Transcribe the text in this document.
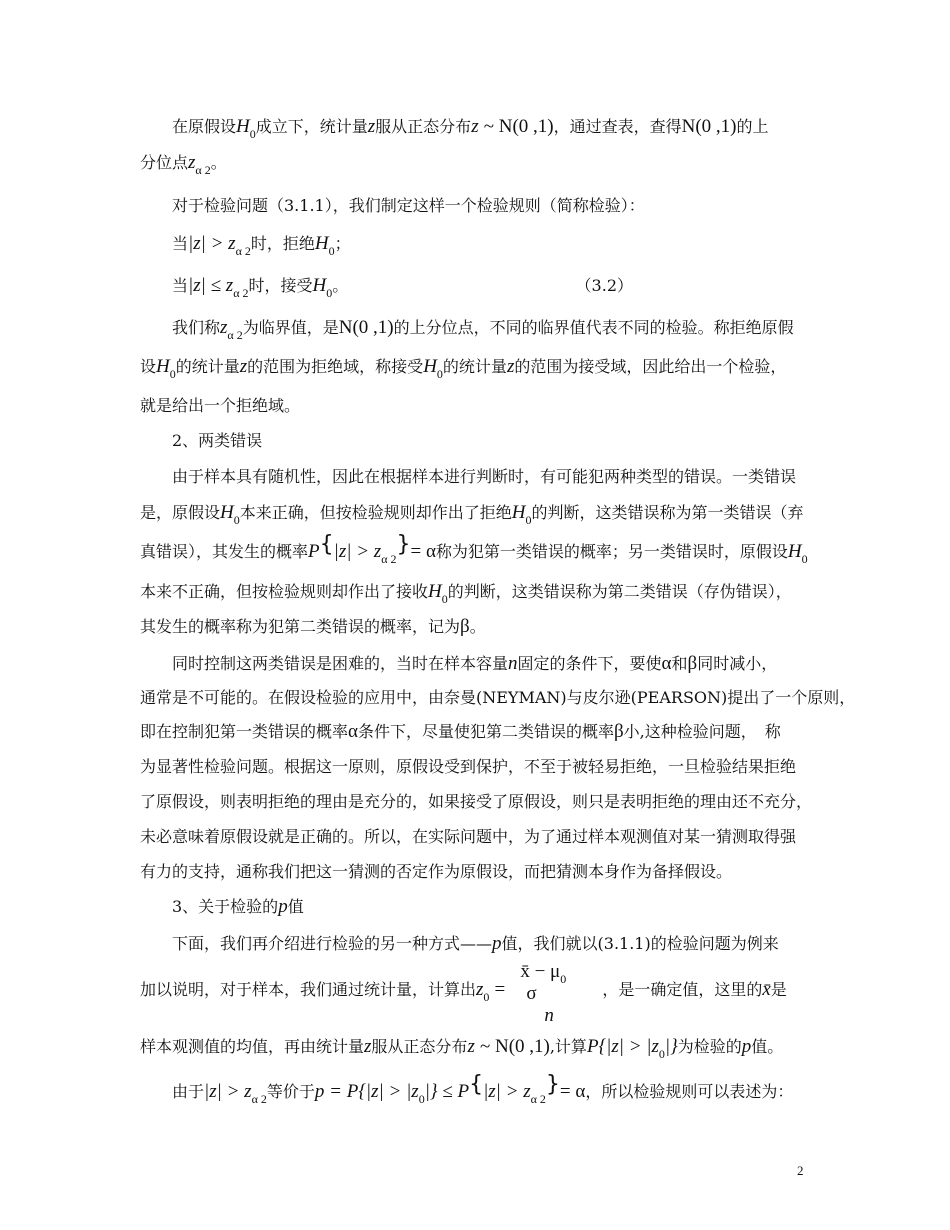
在原假设$H_0$成立下，统计量z服从正态分布z ~ N(0 ,1)，通过查表，查得N(0 ,1)的上
分位点$z_{\alpha 2}$。
对于检验问题（3.1.1），我们制定这样一个检验规则（简称检验）：
当$|z| > z_{\alpha 2}$时，拒绝$H_0$；
当$|z| \le z_{\alpha 2}$时，接受$H_0$。	（3.2）
我们称$z_{\alpha 2}$为临界值，是N(0 ,1)的上分位点，不同的临界值代表不同的检验。称拒绝原假
设$H_0$的统计量z的范围为拒绝域，称接受$H_0$的统计量z的范围为接受域，因此给出一个检验，
就是给出一个拒绝域。
2、两类错误
由于样本具有随机性，因此在根据样本进行判断时，有可能犯两种类型的错误。一类错误
是，原假设$H_0$本来正确，但按检验规则却作出了拒绝$H_0$的判断，这类错误称为第一类错误（弃
真错误），其发生的概率$P\{|z| > z_{\alpha 2}\}= \alpha$称为犯第一类错误的概率；另一类错误时，原假设$H_0$
本来不正确，但按检验规则却作出了接收$H_0$的判断，这类错误称为第二类错误（存伪错误），
其发生的概率称为犯第二类错误的概率，记为β。
同时控制这两类错误是困难的，当时在样本容量n固定的条件下，要使α和β同时减小，
通常是不可能的。在假设检验的应用中，由奈曼(NEYMAN)与皮尔逊(PEARSON)提出了一个原则，
即在控制犯第一类错误的概率α条件下，尽量使犯第二类错误的概率β小,这种检验问题，　称
为显著性检验问题。根据这一原则，原假设受到保护，不至于被轻易拒绝，一旦检验结果拒绝
了原假设，则表明拒绝的理由是充分的，如果接受了原假设，则只是表明拒绝的理由还不充分，
未必意味着原假设就是正确的。所以，在实际问题中，为了通过样本观测值对某一猜测取得强
有力的支持，通称我们把这一猜测的否定作为原假设，而把猜测本身作为备择假设。
3、关于检验的p值
下面，我们再介绍进行检验的另一种方式——p值，我们就以(3.1.1)的检验问题为例来
加以说明，对于样本，我们通过统计量，计算出$z_0$ =
x̄ − $\mu_0$
σ
n
，是一确定值，这里的x̄是
样本观测值的均值，再由统计量z服从正态分布z ~ N(0 ,1),计算$P\{|z| > |z_0|\}$为检验的p值。
由于$|z| > z_{\alpha 2}$等价于$p = P\{|z| > |z_0|\} \le P\{|z| > z_{\alpha 2}\}= \alpha$，所以检验规则可以表述为：
2
